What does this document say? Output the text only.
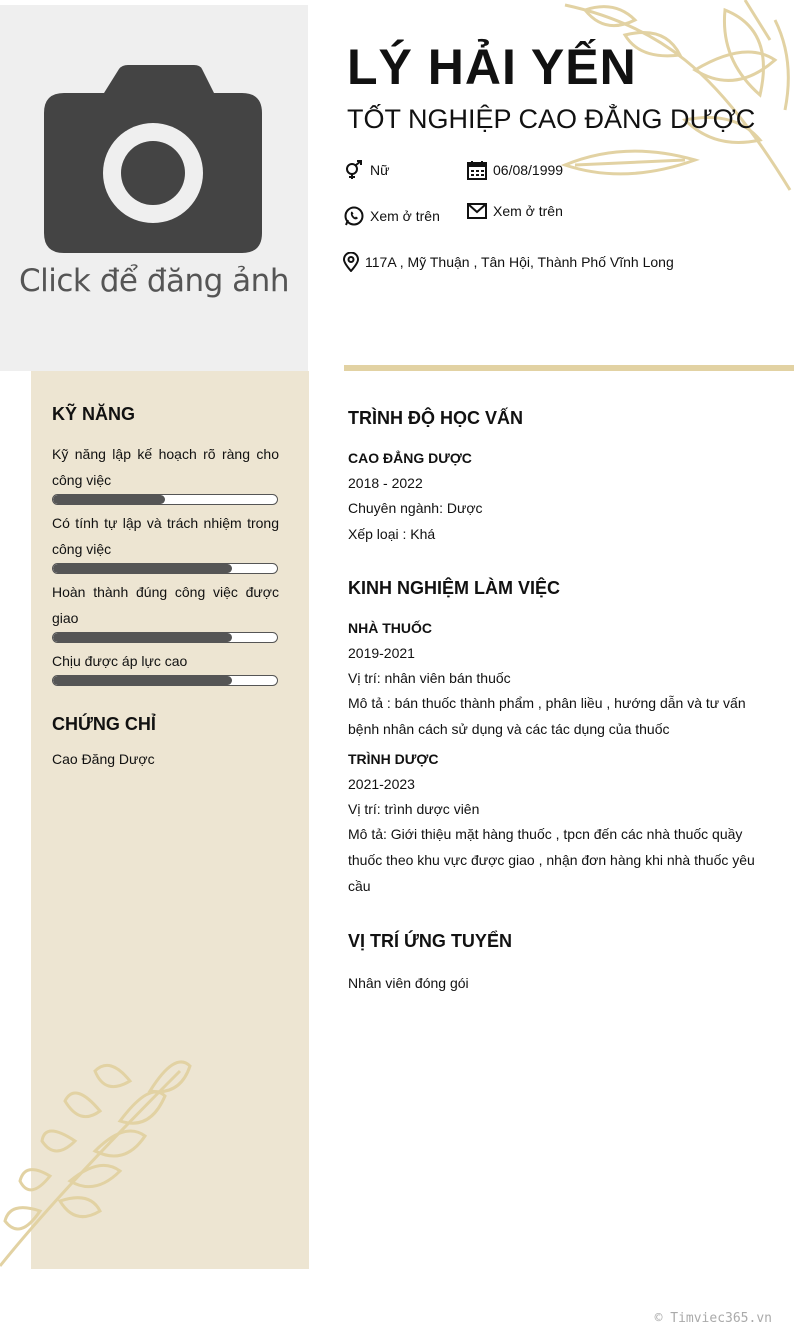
Click để đăng ảnh
LÝ HẢI YẾN
TỐT NGHIỆP CAO ĐẲNG DƯỢC
Nữ	06/08/1999
Xem ở trên	Xem ở trên
117A , Mỹ Thuận , Tân Hội, Thành Phố Vĩnh Long
KỸ NĂNG
Kỹ năng lập kế hoạch rõ ràng cho công việc
Có tính tự lập và trách nhiệm trong công việc
Hoàn thành đúng công việc được giao
Chịu được áp lực cao
CHỨNG CHỈ
Cao Đăng Dược
TRÌNH ĐỘ HỌC VẤN
CAO ĐẲNG DƯỢC
2018 - 2022
Chuyên ngành: Dược
Xếp loại : Khá
KINH NGHIỆM LÀM VIỆC
NHÀ THUỐC
2019-2021
Vị trí: nhân viên bán thuốc
Mô tả : bán thuốc thành phẩm , phân liều , hướng dẫn và tư vấn bệnh nhân cách sử dụng và các tác dụng của thuốc
TRÌNH DƯỢC
2021-2023
Vị trí: trình dược viên
Mô tả: Giới thiệu mặt hàng thuốc , tpcn đến các nhà thuốc quầy thuốc theo khu vực được giao , nhận đơn hàng khi nhà thuốc yêu cầu
VỊ TRÍ ỨNG TUYỂN
Nhân viên đóng gói
© Timviec365.vn
